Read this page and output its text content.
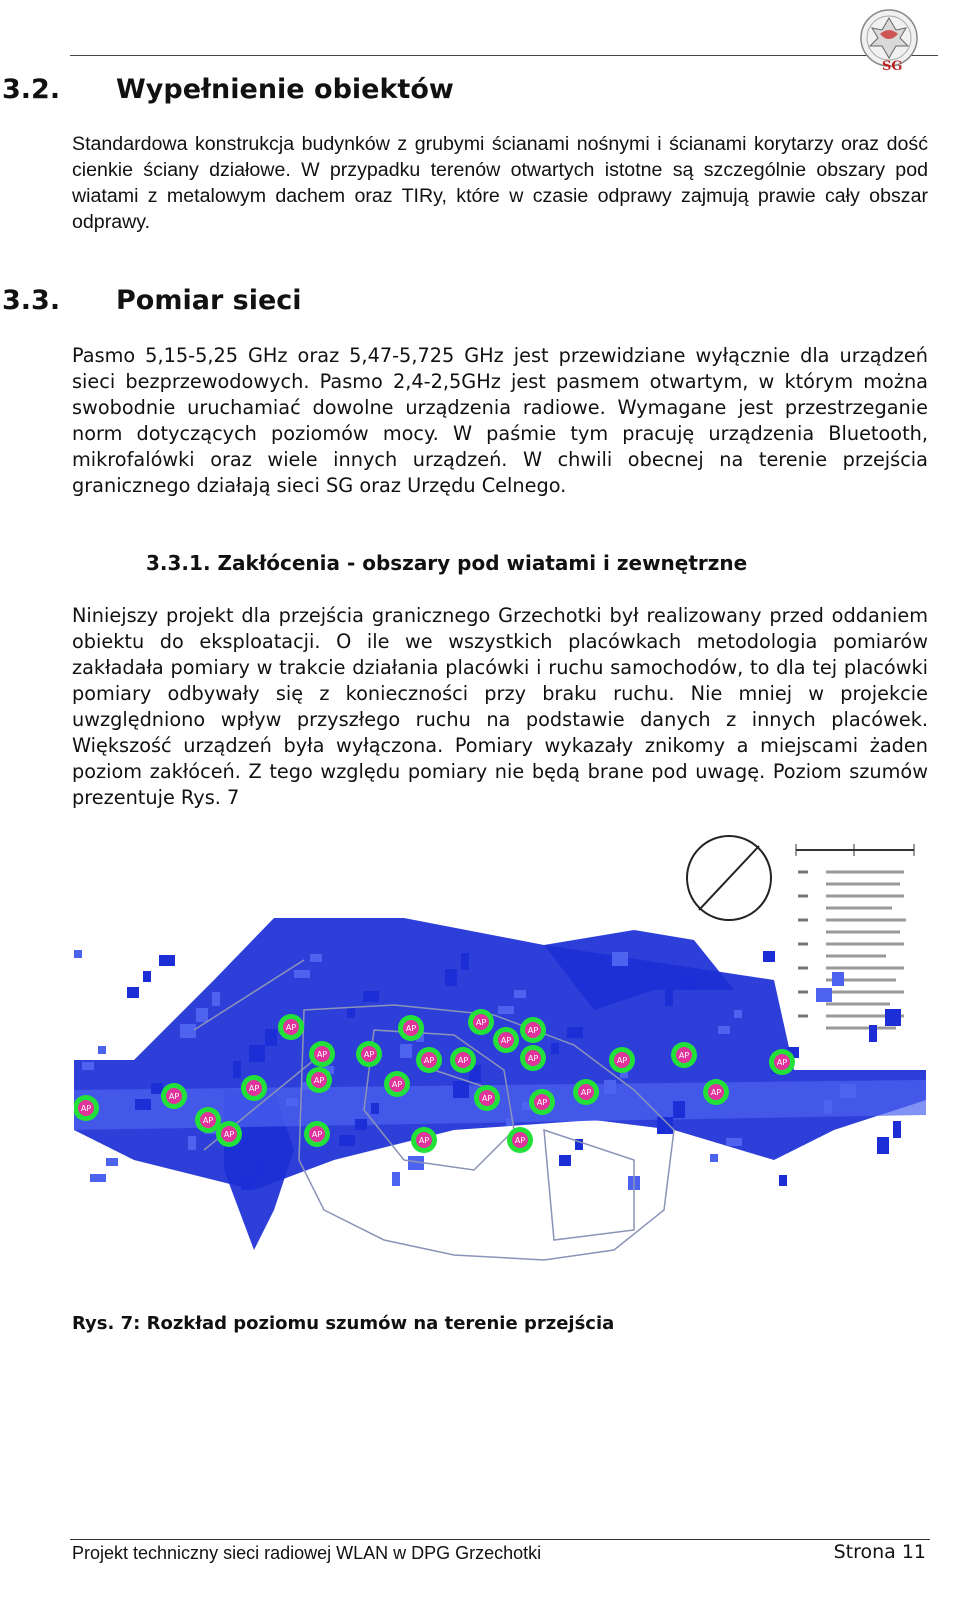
SG
3.2. Wypełnienie obiektów
Standardowa konstrukcja budynków z grubymi ścianami nośnymi i ścianami korytarzy oraz dość cienkie ściany działowe. W przypadku terenów otwartych istotne są szczególnie obszary pod wiatami z metalowym dachem oraz TIRy, które w czasie odprawy zajmują prawie cały obszar odprawy.
3.3. Pomiar sieci
Pasmo 5,15-5,25 GHz oraz 5,47-5,725 GHz jest przewidziane wyłącznie dla urządzeń sieci bezprzewodowych. Pasmo 2,4-2,5GHz jest pasmem otwartym, w którym można swobodnie uruchamiać dowolne urządzenia radiowe. Wymagane jest przestrzeganie norm dotyczących poziomów mocy. W paśmie tym pracuję urządzenia Bluetooth, mikrofalówki oraz wiele innych urządzeń. W chwili obecnej na terenie przejścia granicznego działają sieci SG oraz Urzędu Celnego.
3.3.1. Zakłócenia - obszary pod wiatami i zewnętrzne
Niniejszy projekt dla przejścia granicznego Grzechotki był realizowany przed oddaniem obiektu do eksploatacji. O ile we wszystkich placówkach metodologia pomiarów zakładała pomiary w trakcie działania placówki i ruchu samochodów, to dla tej placówki pomiary odbywały się z konieczności przy braku ruchu. Nie mniej w projekcie uwzględniono wpływ przyszłego ruchu na podstawie danych z innych placówek. Większość urządzeń była wyłączona. Pomiary wykazały znikomy a miejscami żaden poziom zakłóceń. Z tego względu pomiary nie będą brane pod uwagę. Poziom szumów prezentuje Rys. 7
AP	AP
AP
AP
AP	AP
AP	AP	AP
AP
AP
AP
AP	AP
AP	AP
AP	AP
AP
AP
AP
AP
AP
AP	AP
AP	AP
Rys. 7: Rozkład poziomu szumów na terenie przejścia
Projekt techniczny sieci radiowej WLAN w DPG Grzechotki	Strona 11
